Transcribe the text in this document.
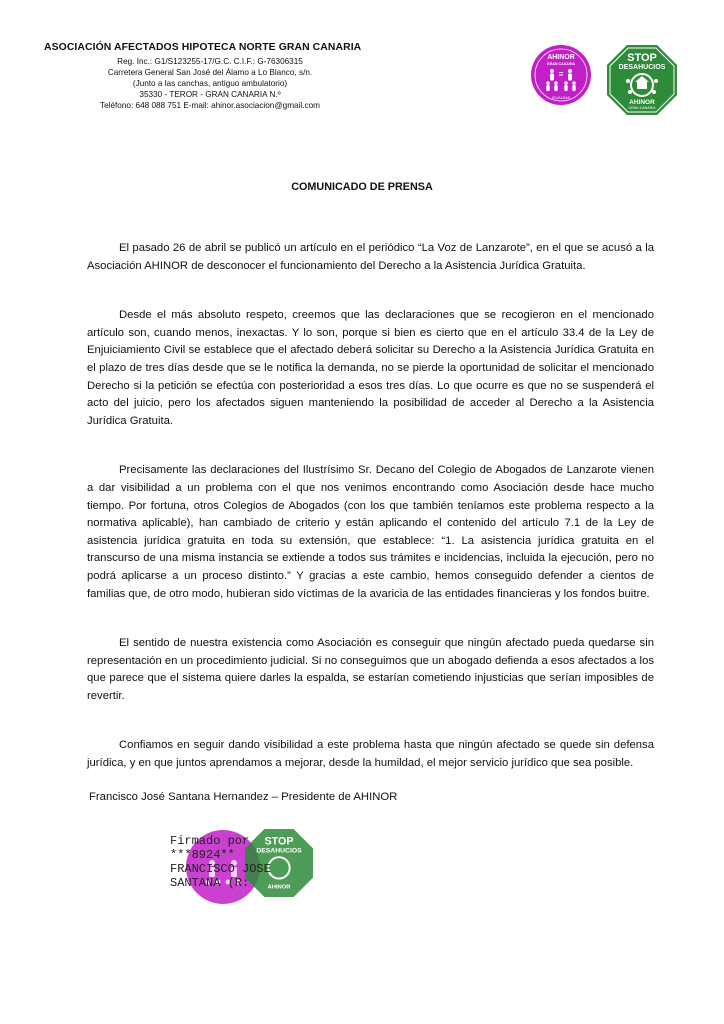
ASOCIACIÓN AFECTADOS HIPOTECA NORTE GRAN CANARIA
Reg. Inc.: G1/S123255-17/G.C. C.I.F.: G-76306315
Carretera General San José del Álamo a Lo Blanco, s/n.
(Junto a las canchas, antiguo ambulatorio)
35330 - TEROR - GRAN CANARIA N.º
Teléfono: 648 088 751 E-mail: ahinor.asociacion@gmail.com
AHINOR
GRAN CANARIA
IGUALDAD
STOP
DESAHUCIOS
AHINOR
GRAN CANARIA
COMUNICADO DE PRENSA

El pasado 26 de abril se publicó un artículo en el periódico “La Voz de Lanzarote”, en el que se acusó a la Asociación AHINOR de desconocer el funcionamiento del Derecho a la Asistencia Jurídica Gratuita.

Desde el más absoluto respeto, creemos que las declaraciones que se recogieron en el mencionado artículo son, cuando menos, inexactas. Y lo son, porque si bien es cierto que en el artículo 33.4 de la Ley de Enjuiciamiento Civil se establece que el afectado deberá solicitar su Derecho a la Asistencia Jurídica Gratuita en el plazo de tres días desde que se le notifica la demanda, no se pierde la oportunidad de solicitar el mencionado Derecho si la petición se efectúa con posterioridad a esos tres días. Lo que ocurre es que no se suspenderá el acto del juicio, pero los afectados siguen manteniendo la posibilidad de acceder al Derecho a la Asistencia Jurídica Gratuita.

Precisamente las declaraciones del Ilustrísimo Sr. Decano del Colegio de Abogados de Lanzarote vienen a dar visibilidad a un problema con el que nos venimos encontrando como Asociación desde hace mucho tiempo. Por fortuna, otros Colegios de Abogados (con los que también teníamos este problema respecto a la normativa aplicable), han cambiado de criterio y están aplicando el contenido del artículo 7.1 de la Ley de asistencia jurídica gratuita en toda su extensión, que establece: “1. La asistencia jurídica gratuita en el transcurso de una misma instancia se extiende a todos sus trámites e incidencias, incluida la ejecución, pero no podrá aplicarse a un proceso distinto.” Y gracias a este cambio, hemos conseguido defender a cientos de familias que, de otro modo, hubieran sido víctimas de la avaricia de las entidades financieras y los fondos buitre.

El sentido de nuestra existencia como Asociación es conseguir que ningún afectado pueda quedarse sin representación en un procedimiento judicial. Si no conseguimos que un abogado defienda a esos afectados a los que parece que el sistema quiere darles la espalda, se estarían cometiendo injusticias que serían imposibles de revertir.

Confiamos en seguir dando visibilidad a este problema hasta que ningún afectado se quede sin defensa jurídica, y en que juntos aprendamos a mejorar, desde la humildad, el mejor servicio jurídico que sea posible.

Francisco José Santana Hernandez – Presidente de AHINOR
STOP
DESAHUCIOS
AHINOR
Firmado por
***8924**
FRANCISCO JOSE
SANTANA (R:
